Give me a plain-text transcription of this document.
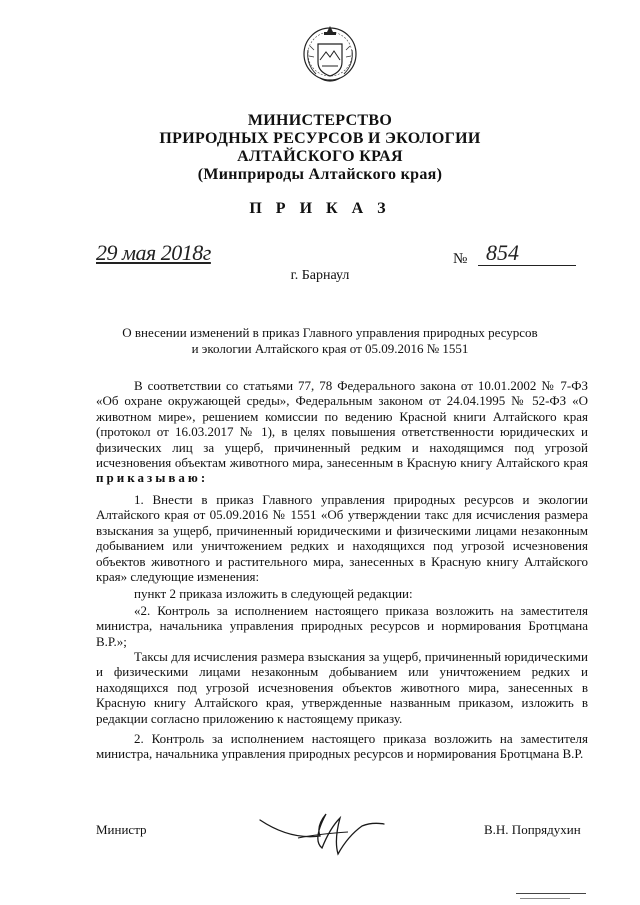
МИНИСТЕРСТВО
ПРИРОДНЫХ РЕСУРСОВ И ЭКОЛОГИИ
АЛТАЙСКОГО КРАЯ
(Минприроды Алтайского края)
П Р И К А З
29 мая 2018г	№ 854
г. Барнаул
О внесении изменений в приказ Главного управления природных ресурсов и экологии Алтайского края от 05.09.2016 № 1551
В соответствии со статьями 77, 78 Федерального закона от 10.01.2002 № 7-ФЗ «Об охране окружающей среды», Федеральным законом от 24.04.1995 № 52-ФЗ «О животном мире», решением комиссии по ведению Красной книги Алтайского края (протокол от 16.03.2017 № 1), в целях повышения ответственности юридических и физических лиц за ущерб, причиненный редким и находящимся под угрозой исчезновения объектам животного мира, занесенным в Красную книгу Алтайского края приказываю:
1. Внести в приказ Главного управления природных ресурсов и экологии Алтайского края от 05.09.2016 № 1551 «Об утверждении такс для исчисления размера взыскания за ущерб, причиненный юридическими и физическими лицами незаконным добыванием или уничтожением редких и находящихся под угрозой исчезновения объектов животного и растительного мира, занесенных в Красную книгу Алтайского края» следующие изменения:
пункт 2 приказа изложить в следующей редакции:
«2. Контроль за исполнением настоящего приказа возложить на заместителя министра, начальника управления природных ресурсов и нормирования Бротцмана В.Р.»;
Таксы для исчисления размера взыскания за ущерб, причиненный юридическими и физическими лицами незаконным добыванием или уничтожением редких и находящихся под угрозой исчезновения объектов животного мира, занесенных в Красную книгу Алтайского края, утвержденные названным приказом, изложить в редакции согласно приложению к настоящему приказу.
2. Контроль за исполнением настоящего приказа возложить на заместителя министра, начальника управления природных ресурсов и нормирования Бротцмана В.Р.
Министр	В.Н. Попрядухин
